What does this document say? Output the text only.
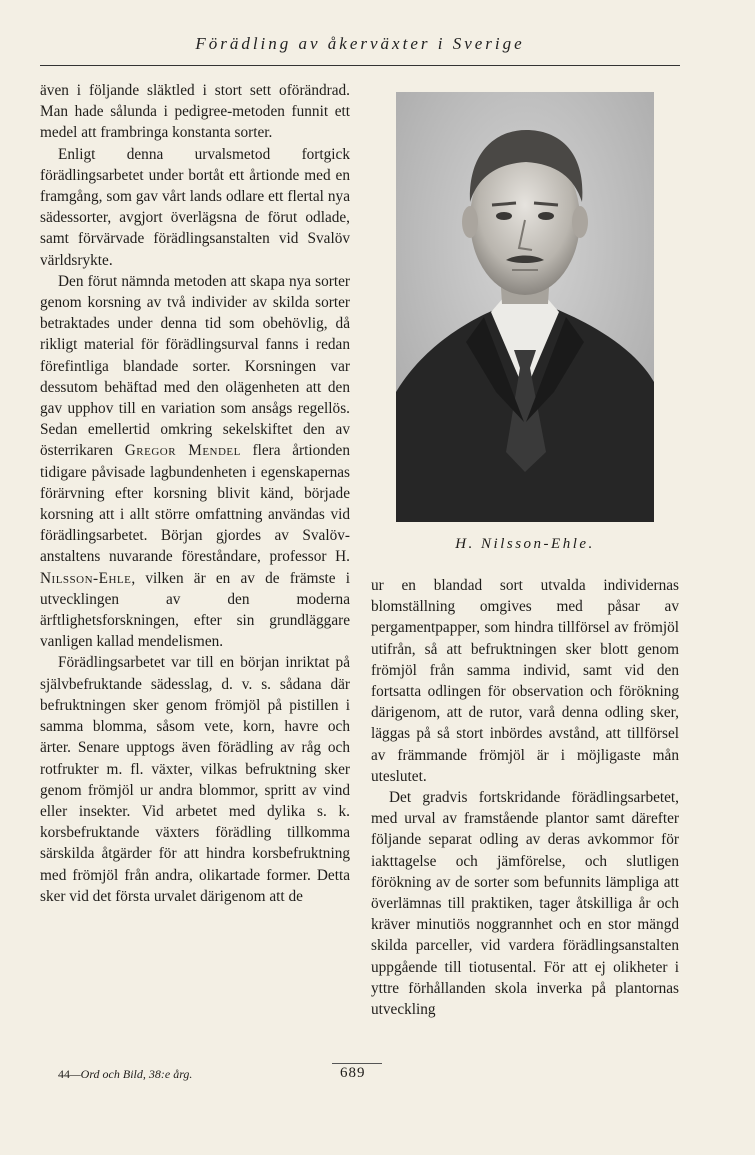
Förädling av åkerväxter i Sverige

även i följande släktled i stort sett oförändrad. Man hade sålunda i pedigree-metoden funnit ett medel att frambringa konstanta sorter.

Enligt denna urvalsmetod fortgick förädlingsarbetet under bortåt ett årtionde med en framgång, som gav vårt lands odlare ett flertal nya sädessorter, avgjort överlägsna de förut odlade, samt förvärvade förädlingsanstalten vid Svalöv världsrykte.

Den förut nämnda metoden att skapa nya sorter genom korsning av två individer av skilda sorter betraktades under denna tid som obehövlig, då rikligt material för förädlingsurval fanns i redan förefintliga blandade sorter. Korsningen var dessutom behäftad med den olägenheten att den gav upphov till en variation som ansågs regellös. Sedan emellertid omkring sekelskiftet den av österrikaren Gregor Mendel flera årtionden tidigare påvisade lagbundenheten i egenskapernas förärvning efter korsning blivit känd, började korsning att i allt större omfattning användas vid förädlingsarbetet. Början gjordes av Svalöv-anstaltens nuvarande föreståndare, professor H. Nilsson-Ehle, vilken är en av de främste i utvecklingen av den moderna ärftlighetsforskningen, efter sin grundläggare vanligen kallad mendelismen.

Förädlingsarbetet var till en början inriktat på självbefruktande sädesslag, d. v. s. sådana där befruktningen sker genom frömjöl på pistillen i samma blomma, såsom vete, korn, havre och ärter. Senare upptogs även förädling av råg och rotfrukter m. fl. växter, vilkas befruktning sker genom frömjöl ur andra blommor, spritt av vind eller insekter. Vid arbetet med dylika s. k. korsbefruktande växters förädling tillkomma särskilda åtgärder för att hindra korsbefruktning med frömjöl från andra, olikartade former. Detta sker vid det första urvalet därigenom att de

H. Nilsson-Ehle.

ur en blandad sort utvalda individernas blomställning omgives med påsar av pergamentpapper, som hindra tillförsel av frömjöl utifrån, så att befruktningen sker blott genom frömjöl från samma individ, samt vid den fortsatta odlingen för observation och förökning därigenom, att de rutor, varå denna odling sker, läggas på så stort inbördes avstånd, att tillförsel av främmande frömjöl är i möjligaste mån uteslutet.

Det gradvis fortskridande förädlingsarbetet, med urval av framstående plantor samt därefter följande separat odling av deras avkommor för iakttagelse och jämförelse, och slutligen förökning av de sorter som befunnits lämpliga att överlämnas till praktiken, tager åtskilliga år och kräver minutiös noggrannhet och en stor mängd skilda parceller, vid vardera förädlingsanstalten uppgående till tiotusental. För att ej olikheter i yttre förhållanden skola inverka på plantornas utveckling

44—Ord och Bild, 38:e årg.	689
